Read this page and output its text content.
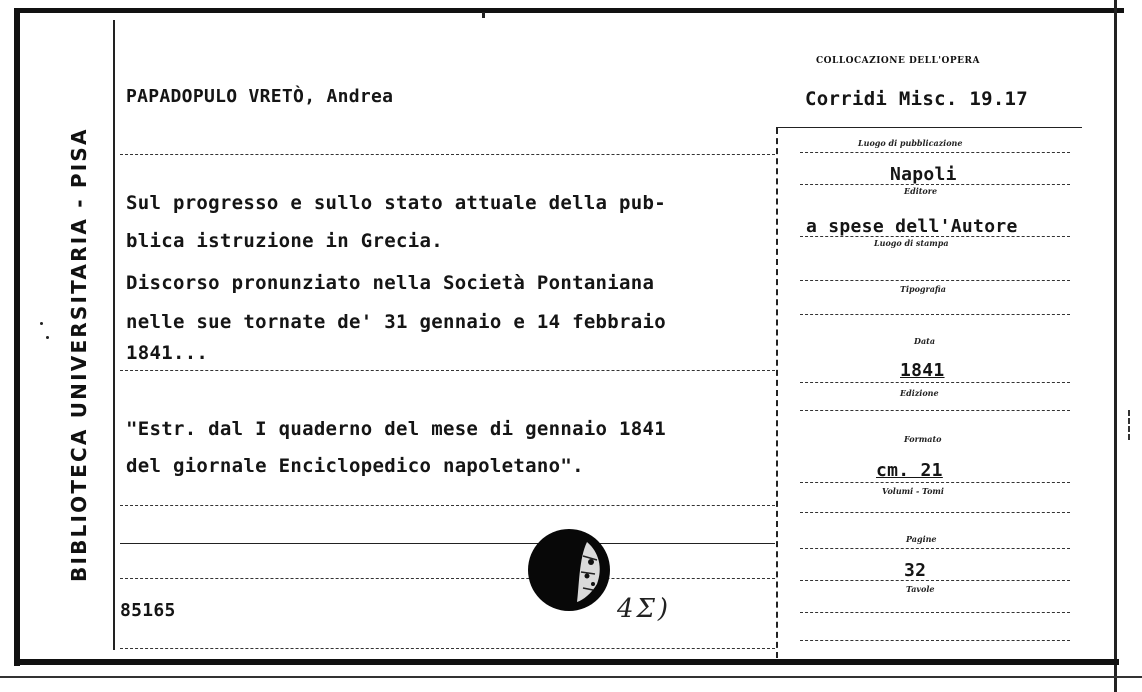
BIBLIOTECA UNIVERSITARIA - PISA
PAPADOPULO VRETÒ, Andrea
Sul progresso e sullo stato attuale della pub-
blica istruzione in Grecia.
Discorso pronunziato nella Società Pontaniana
nelle sue tornate de' 31 gennaio e 14 febbraio
1841...
"Estr. dal I quaderno del mese di gennaio 1841
del giornale Enciclopedico napoletano".
85165	4Σ)
COLLOCAZIONE DELL'OPERA
Corridi Misc. 19.17
Luogo di pubblicazione
Napoli
Editore
a spese dell'Autore
Luogo di stampa
Tipografia
Data
1841
Edizione
Formato
cm. 21
Volumi - Tomi
Pagine
32
Tavole
